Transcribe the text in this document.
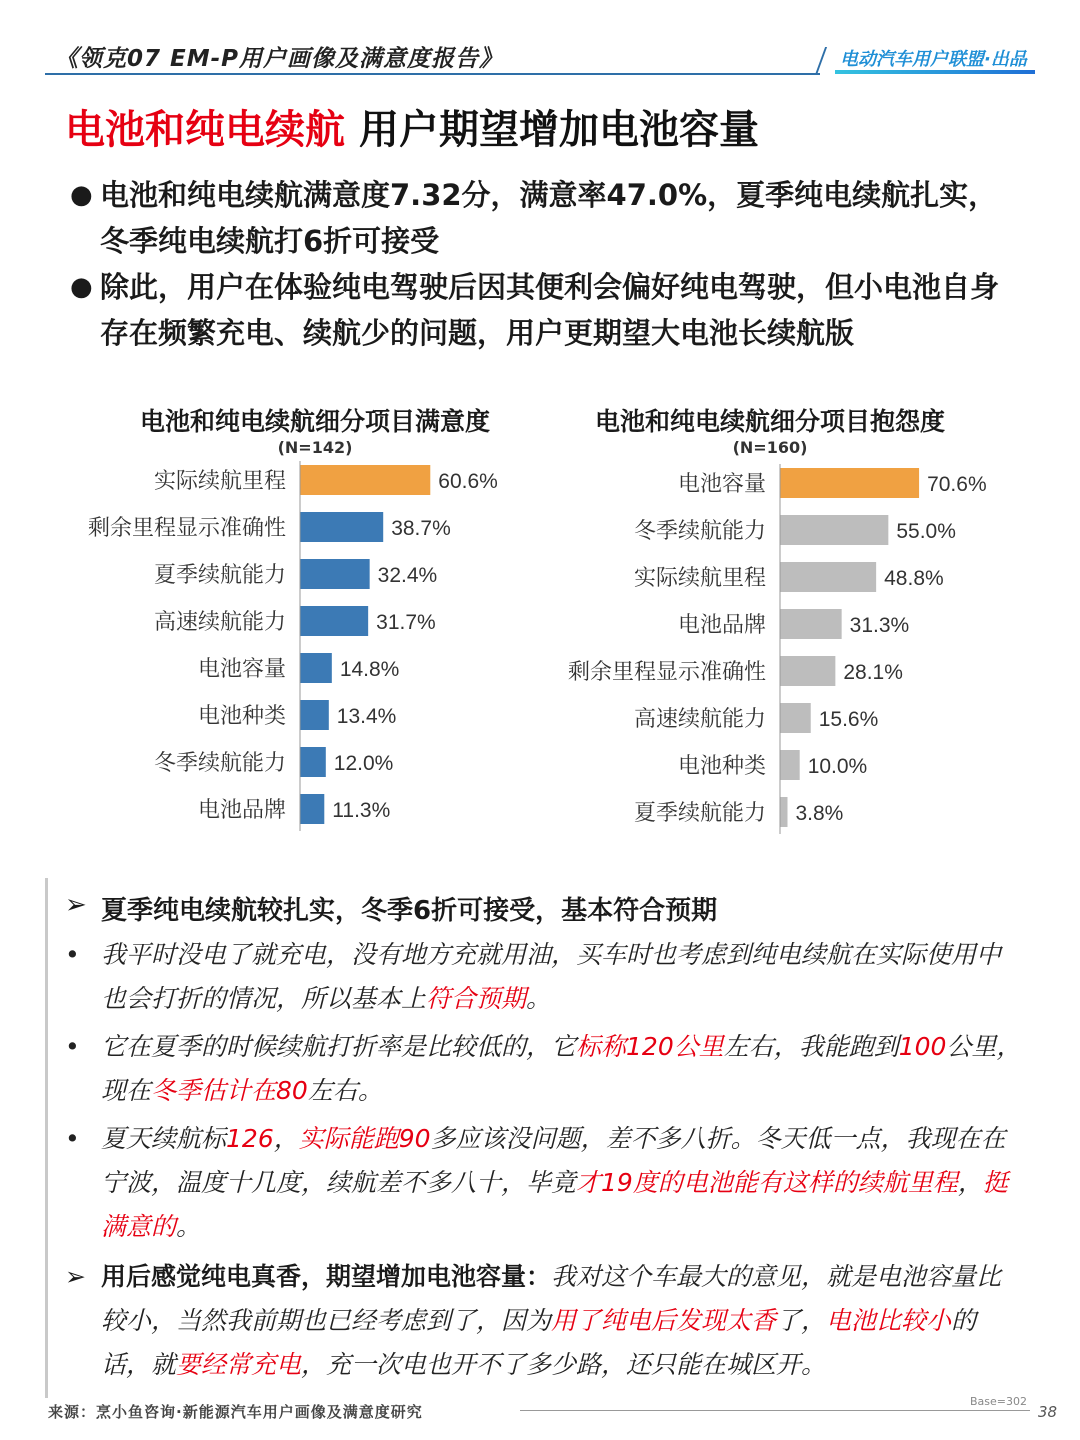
《领克07 EM-P用户画像及满意度报告》	电动汽车用户联盟·出品
电池和纯电续航 用户期望增加电池容量
● 电池和纯电续航满意度7.32分，满意率47.0%，夏季纯电续航扎实，冬季纯电续航打6折可接受
● 除此，用户在体验纯电驾驶后因其便利会偏好纯电驾驶，但小电池自身存在频繁充电、续航少的问题，用户更期望大电池长续航版
电池和纯电续航细分项目满意度
(N=142)
实际续航里程	60.6%
剩余里程显示准确性	38.7%
夏季续航能力	32.4%
高速续航能力	31.7%
电池容量	14.8%
电池种类 13.4%
冬季续航能力 12.0%
电池品牌 11.3%
电池和纯电续航细分项目抱怨度
(N=160)
电池容量	70.6%
冬季续航能力	55.0%
实际续航里程	48.8%
电池品牌	31.3%
剩余里程显示准确性	28.1%
高速续航能力	15.6%
电池种类 10.0%
夏季续航能力 3.8%
➢ 夏季纯电续航较扎实，冬季6折可接受，基本符合预期
• 我平时没电了就充电，没有地方充就用油，买车时也考虑到纯电续航在实际使用中也会打折的情况，所以基本上符合预期。
• 它在夏季的时候续航打折率是比较低的，它标称120公里左右，我能跑到100公里，现在冬季估计在80左右。
• 夏天续航标126，实际能跑90多应该没问题，差不多八折。冬天低一点，我现在在宁波，温度十几度，续航差不多八十，毕竟才19度的电池能有这样的续航里程，挺满意的。
➢ 用后感觉纯电真香，期望增加电池容量：我对这个车最大的意见，就是电池容量比较小，当然我前期也已经考虑到了，因为用了纯电后发现太香了，电池比较小的话，就要经常充电，充一次电也开不了多少路，还只能在城区开。
来源：烹小鱼咨询·新能源汽车用户画像及满意度研究
Base=302
38
